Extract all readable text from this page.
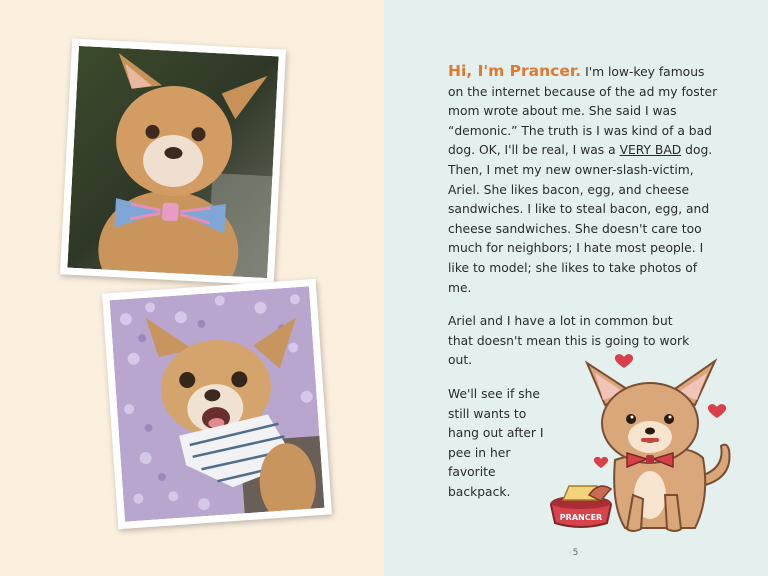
Hi, I'm Prancer. I'm low-key famous on the internet because of the ad my foster mom wrote about me. She said I was “demonic.” The truth is I was kind of a bad dog. OK, I'll be real, I was a VERY BAD dog. Then, I met my new owner-slash-victim, Ariel. She likes bacon, egg, and cheese sandwiches. I like to steal bacon, egg, and cheese sandwiches. She doesn't care too much for neighbors; I hate most people. I like to model; she likes to take photos of me.

Ariel and I have a lot in common but that doesn't mean this is going to work out.

We'll see if she still wants to hang out after I pee in her favorite backpack.

PRANCER
· 5 ·
